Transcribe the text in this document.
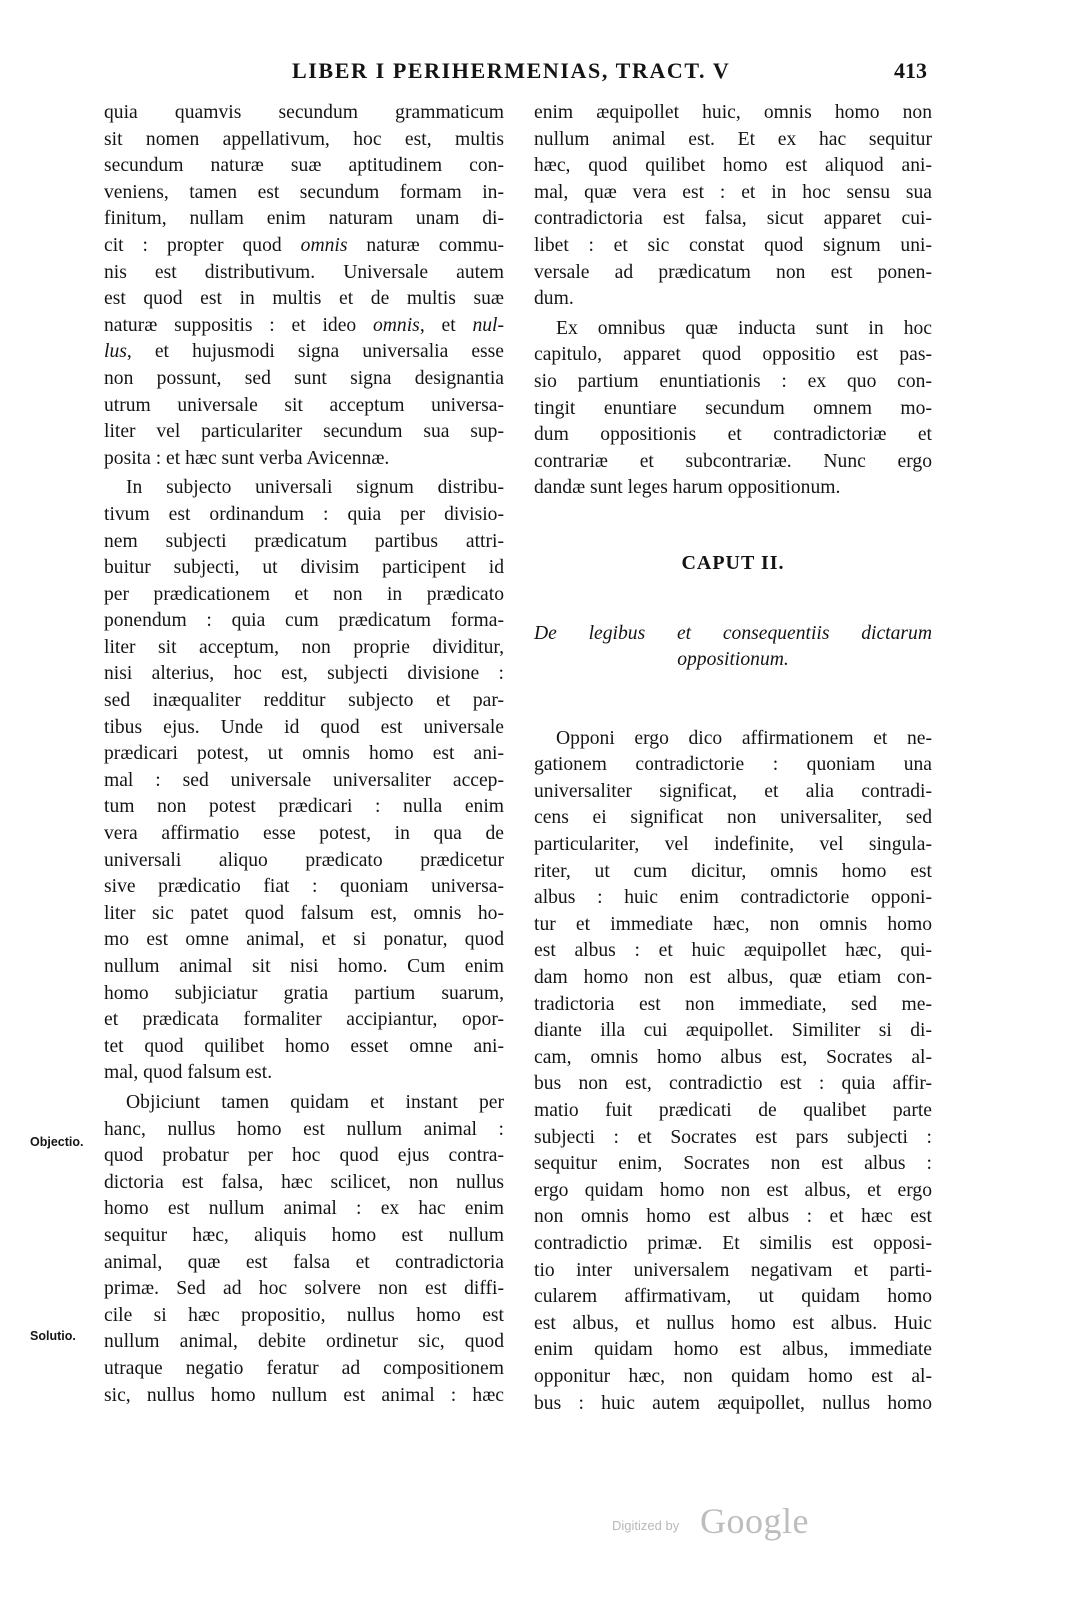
LIBER I PERIHERMENIAS, TRACT. V	413
Objectio.
Solutio.

quia quamvis secundum grammaticum
sit nomen appellativum, hoc est, multis
secundum naturæ suæ aptitudinem con-
veniens, tamen est secundum formam in-
finitum, nullam enim naturam unam di-
cit : propter quod omnis naturæ commu-
nis est distributivum. Universale autem
est quod est in multis et de multis suæ
naturæ suppositis : et ideo omnis, et nul-
lus, et hujusmodi signa universalia esse
non possunt, sed sunt signa designantia
utrum universale sit acceptum universa-
liter vel particulariter secundum sua sup-
posita : et hæc sunt verba Avicennæ.

In subjecto universali signum distribu-
tivum est ordinandum : quia per divisio-
nem subjecti prædicatum partibus attri-
buitur subjecti, ut divisim participent id
per prædicationem et non in prædicato
ponendum : quia cum prædicatum forma-
liter sit acceptum, non proprie dividitur,
nisi alterius, hoc est, subjecti divisione :
sed inæqualiter redditur subjecto et par-
tibus ejus. Unde id quod est universale
prædicari potest, ut omnis homo est ani-
mal : sed universale universaliter accep-
tum non potest prædicari : nulla enim
vera affirmatio esse potest, in qua de
universali aliquo prædicato prædicetur
sive prædicatio fiat : quoniam universa-
liter sic patet quod falsum est, omnis ho-
mo est omne animal, et si ponatur, quod
nullum animal sit nisi homo. Cum enim
homo subjiciatur gratia partium suarum,
et prædicata formaliter accipiantur, opor-
tet quod quilibet homo esset omne ani-
mal, quod falsum est.

Objiciunt tamen quidam et instant per
hanc, nullus homo est nullum animal :
quod probatur per hoc quod ejus contra-
dictoria est falsa, hæc scilicet, non nullus
homo est nullum animal : ex hac enim
sequitur hæc, aliquis homo est nullum
animal, quæ est falsa et contradictoria
primæ. Sed ad hoc solvere non est diffi-
cile si hæc propositio, nullus homo est
nullum animal, debite ordinetur sic, quod
utraque negatio feratur ad compositionem
sic, nullus homo nullum est animal : hæc

enim æquipollet huic, omnis homo non
nullum animal est. Et ex hac sequitur
hæc, quod quilibet homo est aliquod ani-
mal, quæ vera est : et in hoc sensu sua
contradictoria est falsa, sicut apparet cui-
libet : et sic constat quod signum uni-
versale ad prædicatum non est ponen-
dum.

Ex omnibus quæ inducta sunt in hoc
capitulo, apparet quod oppositio est pas-
sio partium enuntiationis : ex quo con-
tingit enuntiare secundum omnem mo-
dum oppositionis et contradictoriæ et
contrariæ et subcontrariæ. Nunc ergo
dandæ sunt leges harum oppositionum.

CAPUT II.
De legibus et consequentiis dictarum
oppositionum.

Opponi ergo dico affirmationem et ne-
gationem contradictorie : quoniam una
universaliter significat, et alia contradi-
cens ei significat non universaliter, sed
particulariter, vel indefinite, vel singula-
riter, ut cum dicitur, omnis homo est
albus : huic enim contradictorie opponi-
tur et immediate hæc, non omnis homo
est albus : et huic æquipollet hæc, qui-
dam homo non est albus, quæ etiam con-
tradictoria est non immediate, sed me-
diante illa cui æquipollet. Similiter si di-
cam, omnis homo albus est, Socrates al-
bus non est, contradictio est : quia affir-
matio fuit prædicati de qualibet parte
subjecti : et Socrates est pars subjecti :
sequitur enim, Socrates non est albus :
ergo quidam homo non est albus, et ergo
non omnis homo est albus : et hæc est
contradictio primæ. Et similis est opposi-
tio inter universalem negativam et parti-
cularem affirmativam, ut quidam homo
est albus, et nullus homo est albus. Huic
enim quidam homo est albus, immediate
opponitur hæc, non quidam homo est al-
bus : huic autem æquipollet, nullus homo

Digitized by Google
